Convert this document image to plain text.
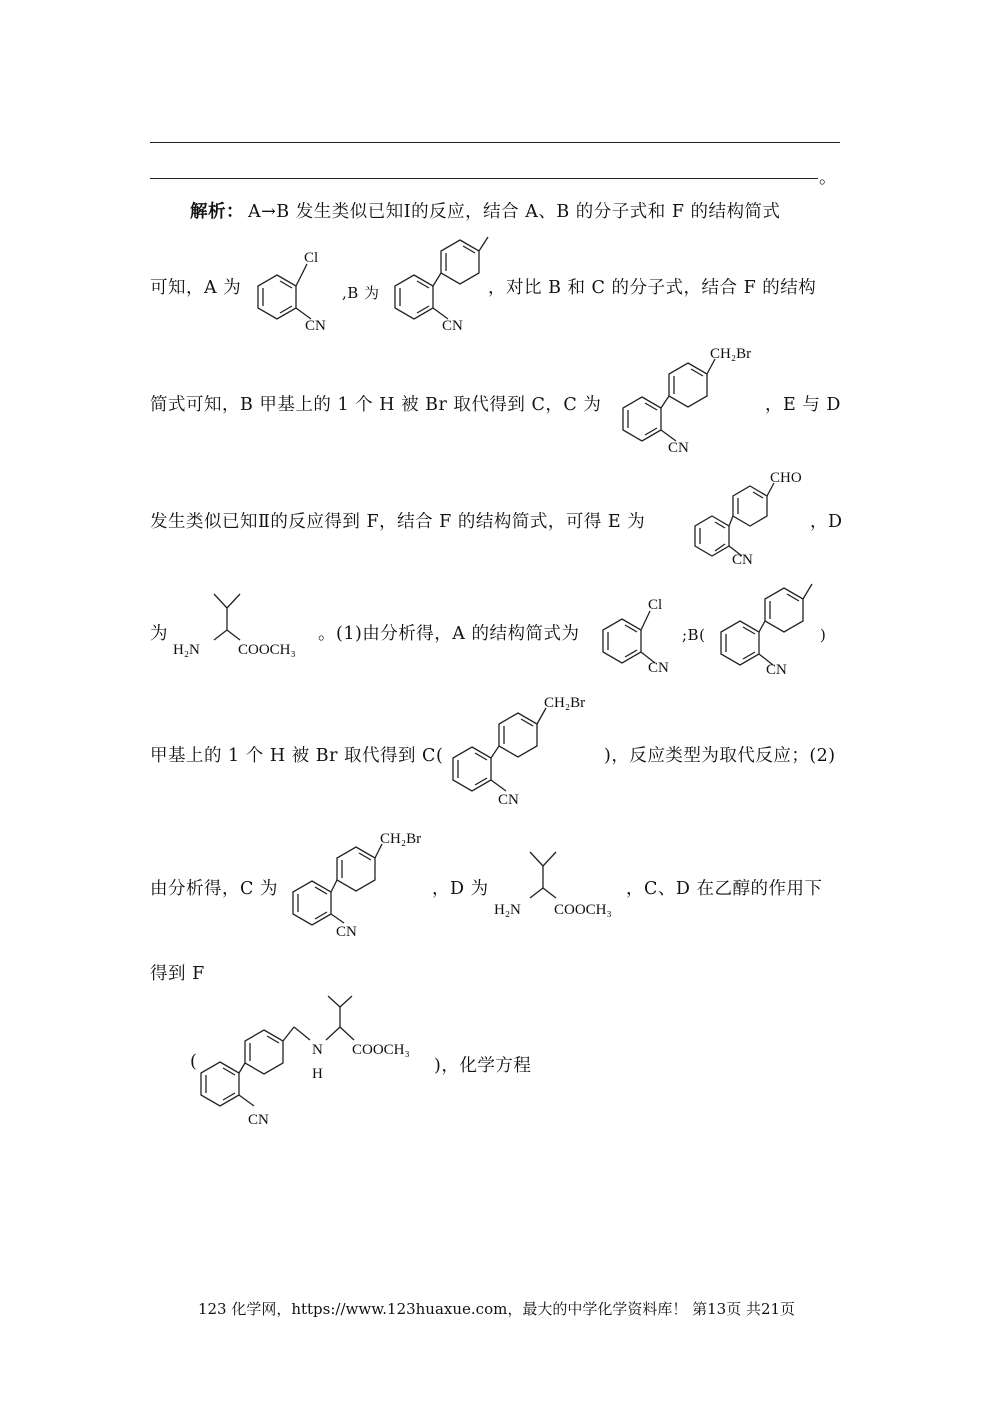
。
解析： A→B 发生类似已知Ⅰ的反应，结合 A、B 的分子式和 F 的结构简式
可知，A 为
Cl
CN
,B 为
CN
，对比 B 和 C 的分子式，结合 F 的结构
简式可知，B 甲基上的 1 个 H 被 Br 取代得到 C，C 为
CH₂Br
CN
，E 与 D
发生类似已知Ⅱ的反应得到 F，结合 F 的结构简式，可得 E 为
CHO
CN
，D
为
H₂N	COOCH₃
。(1)由分析得，A 的结构简式为
Cl
CN
;B(
CN
)
甲基上的 1 个 H 被 Br 取代得到 C(
CH₂Br
CN
)，反应类型为取代反应；(2)
由分析得，C 为
CH₂Br
CN
，D 为
H₂N COOCH₃
，C、D 在乙醇的作用下
得到 F
(
N
H
COOCH₃
CN
)，化学方程
123 化学网，https://www.123huaxue.com，最大的中学化学资料库！ 第13页 共21页
